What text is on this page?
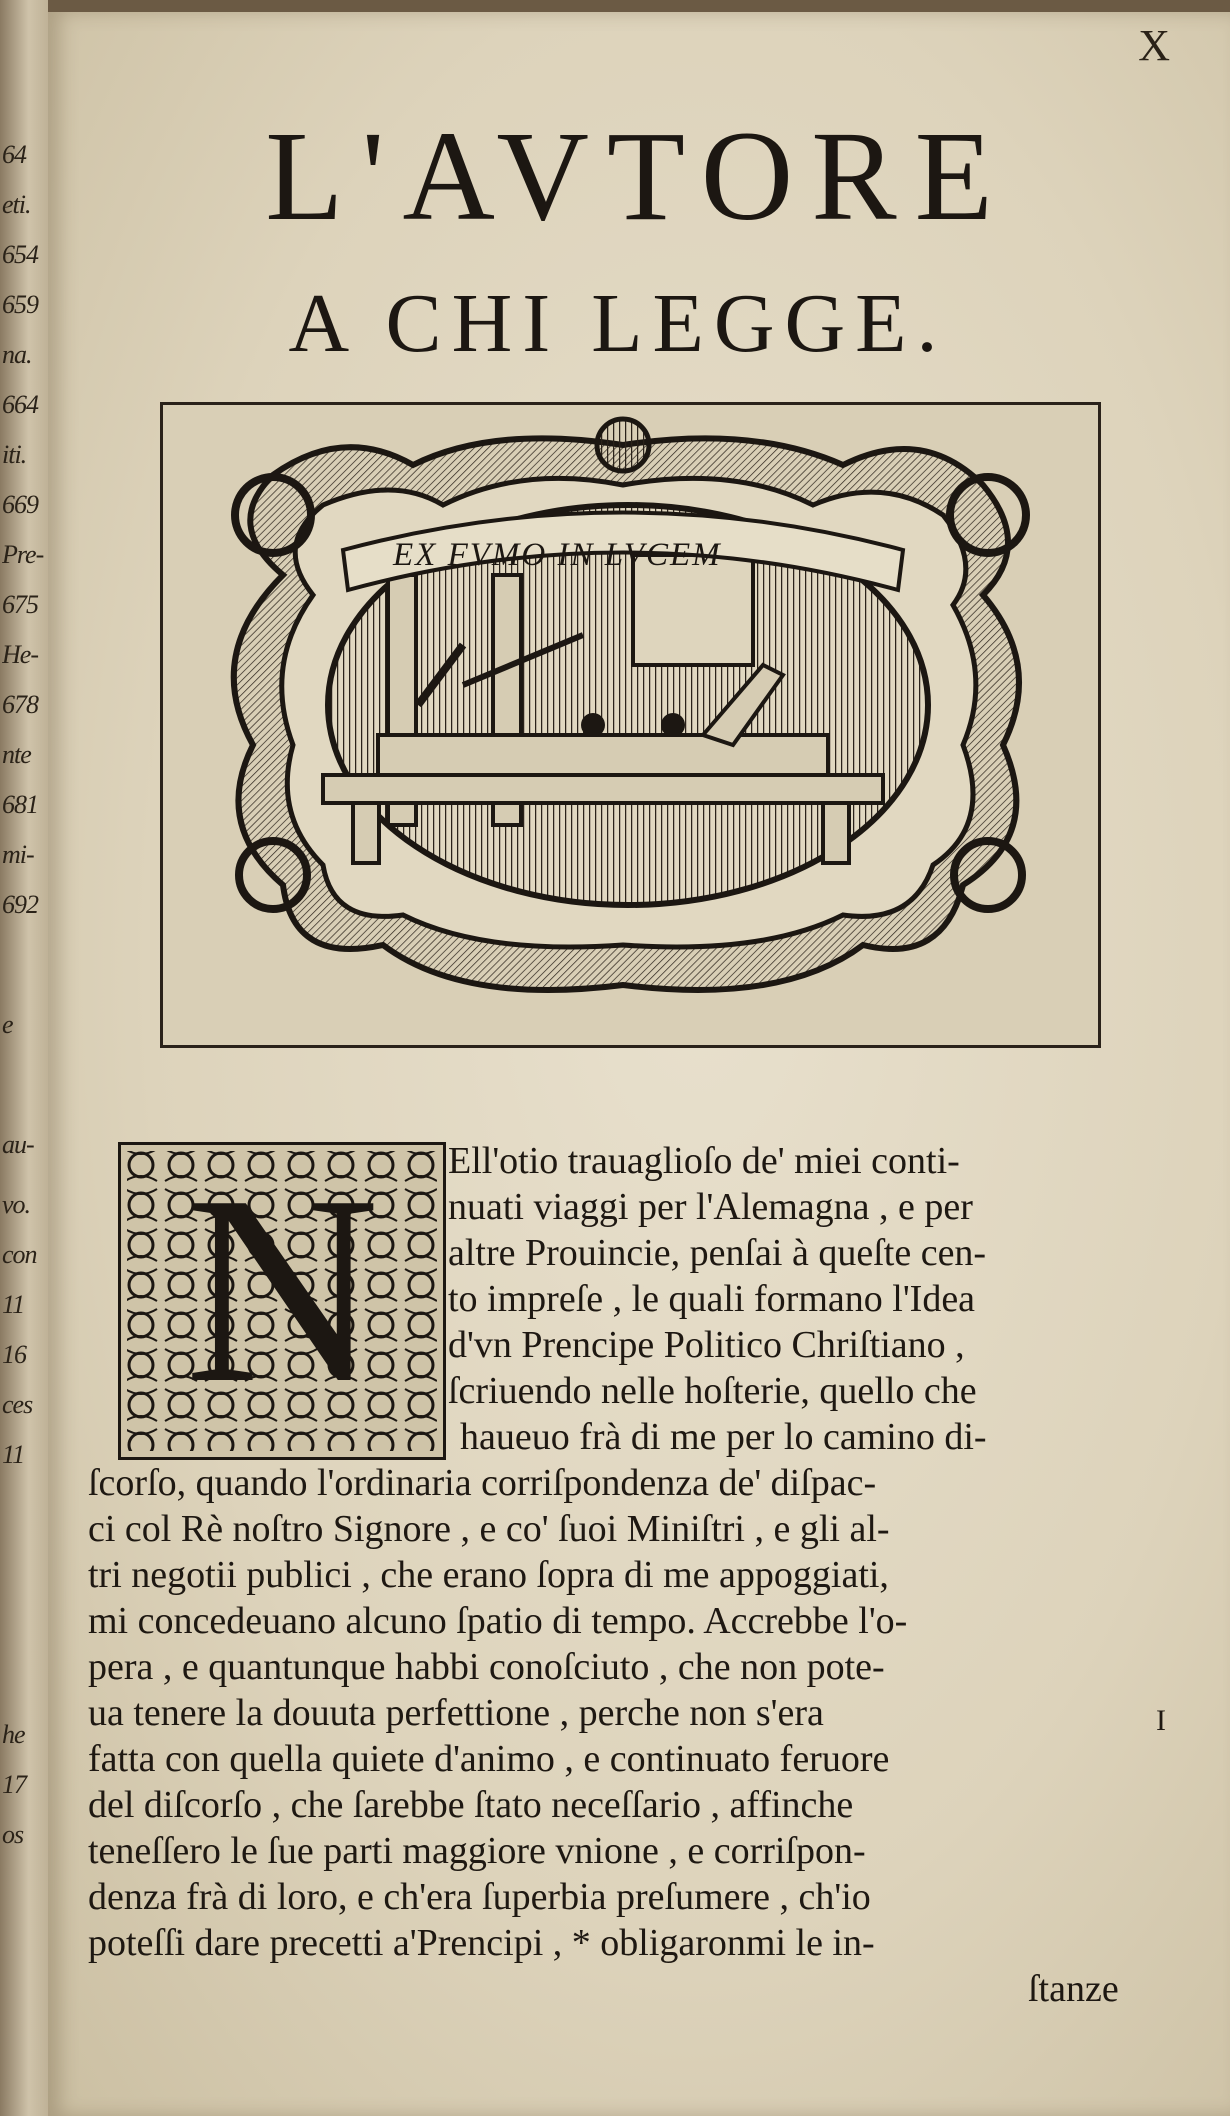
64
eti.
654
659
na.
664
iti.
669
Pre-
675
He-
678
nte
681
mi-
692
e
au-
vo.
con
11
16
ces
11
he
17
os
X
L'AVTORE
A CHI LEGGE.
EX FVMO IN LVCEM
N	Ell'otio trauaglioſo de' miei conti-
nuati viaggi per l'Alemagna , e per
altre Prouincie, penſai à queſte cen-
to impreſe , le quali formano l'Idea
d'vn Prencipe Politico Chriſtiano ,
ſcriuendo nelle hoſterie, quello che
haueuo frà di me per lo camino di-
ſcorſo, quando l'ordinaria corriſpondenza de' diſpac-
ci col Rè noſtro Signore , e co' ſuoi Miniſtri , e gli al-
tri negotii publici , che erano ſopra di me appoggiati,
mi concedeuano alcuno ſpatio di tempo. Accrebbe l'o-
pera , e quantunque habbi conoſciuto , che non pote-
ua tenere la douuta perfettione , perche non s'era
fatta con quella quiete d'animo , e continuato feruore
del diſcorſo , che ſarebbe ſtato neceſſario , affinche
teneſſero le ſue parti maggiore vnione , e corriſpon-
denza frà di loro, e ch'era ſuperbia preſumere , ch'io
poteſſi dare precetti a'Prencipi , * obligaronmi le in-
ſtanze
I
